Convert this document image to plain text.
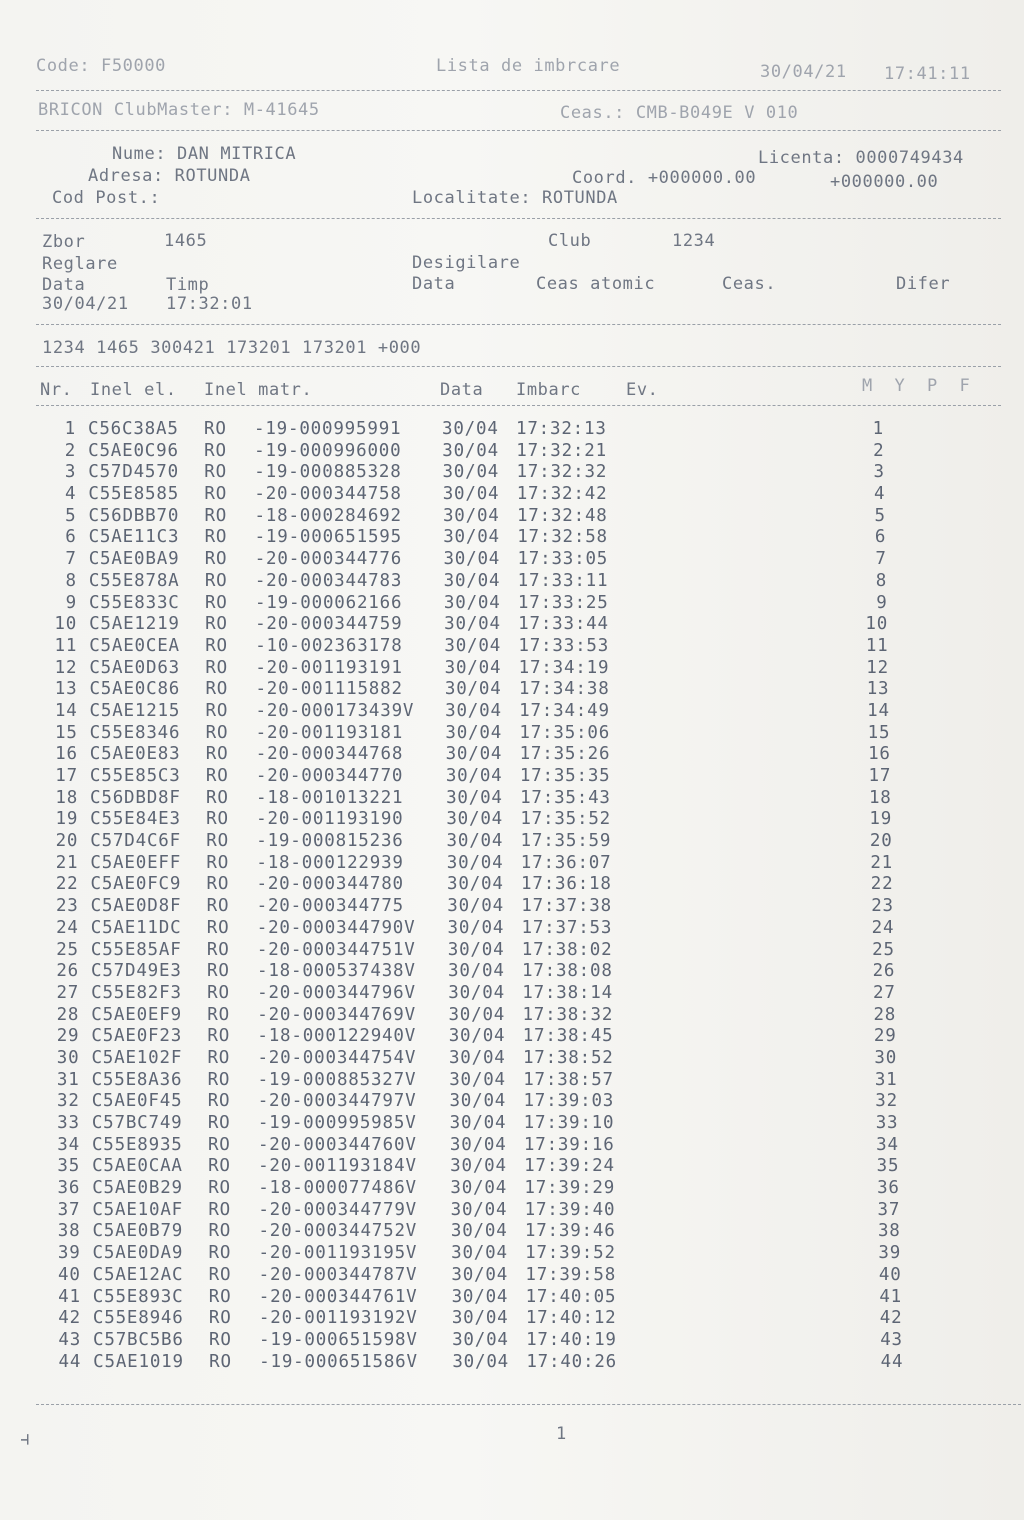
Code: F50000	Lista de imbrcare	30/04/21 17:41:11
BRICON ClubMaster: M-41645	Ceas.: CMB-B049E V 010
Nume: DAN MITRICA	Licenta: 0000749434
Adresa: ROTUNDA	Coord. +000000.00	+000000.00
Cod Post.:	Localitate: ROTUNDA
Zbor	1465	Club	1234
Reglare	Desigilare
Data	Timp	Data	Ceas atomic	Ceas.	Difer
30/04/21 17:32:01
1234 1465 300421 173201 173201 +000
Nr. Inel el. Inel matr.	Data Imbarc	Ev.	M  Y  P  F
1 C56C38A5 RO -19-000995991 30/04 17:32:13	1
2 C5AE0C96 RO -19-000996000 30/04 17:32:21	2
3 C57D4570 RO -19-000885328 30/04 17:32:32	3
4 C55E8585 RO -20-000344758 30/04 17:32:42	4
5 C56DBB70 RO -18-000284692 30/04 17:32:48	5
6 C5AE11C3 RO -19-000651595 30/04 17:32:58	6
7 C5AE0BA9 RO -20-000344776 30/04 17:33:05	7
8 C55E878A RO -20-000344783 30/04 17:33:11	8
9 C55E833C RO -19-000062166 30/04 17:33:25	9
10 C5AE1219 RO -20-000344759 30/04 17:33:44	10
11 C5AE0CEA RO -10-002363178 30/04 17:33:53	11
12 C5AE0D63 RO -20-001193191 30/04 17:34:19	12
13 C5AE0C86 RO -20-001115882 30/04 17:34:38	13
14 C5AE1215 RO -20-000173439V 30/04 17:34:49	14
15 C55E8346 RO -20-001193181 30/04 17:35:06	15
16 C5AE0E83 RO -20-000344768 30/04 17:35:26	16
17 C55E85C3 RO -20-000344770 30/04 17:35:35	17
18 C56DBD8F RO -18-001013221 30/04 17:35:43	18
19 C55E84E3 RO -20-001193190 30/04 17:35:52	19
20 C57D4C6F RO -19-000815236 30/04 17:35:59	20
21 C5AE0EFF RO -18-000122939 30/04 17:36:07	21
22 C5AE0FC9 RO -20-000344780 30/04 17:36:18	22
23 C5AE0D8F RO -20-000344775 30/04 17:37:38	23
24 C5AE11DC RO -20-000344790V 30/04 17:37:53	24
25 C55E85AF RO -20-000344751V 30/04 17:38:02	25
26 C57D49E3 RO -18-000537438V 30/04 17:38:08	26
27 C55E82F3 RO -20-000344796V 30/04 17:38:14	27
28 C5AE0EF9 RO -20-000344769V 30/04 17:38:32	28
29 C5AE0F23 RO -18-000122940V 30/04 17:38:45	29
30 C5AE102F RO -20-000344754V 30/04 17:38:52	30
31 C55E8A36 RO -19-000885327V 30/04 17:38:57	31
32 C5AE0F45 RO -20-000344797V 30/04 17:39:03	32
33 C57BC749 RO -19-000995985V 30/04 17:39:10	33
34 C55E8935 RO -20-000344760V 30/04 17:39:16	34
35 C5AE0CAA RO -20-001193184V 30/04 17:39:24	35
36 C5AE0B29 RO -18-000077486V 30/04 17:39:29	36
37 C5AE10AF RO -20-000344779V 30/04 17:39:40	37
38 C5AE0B79 RO -20-000344752V 30/04 17:39:46	38
39 C5AE0DA9 RO -20-001193195V 30/04 17:39:52	39
40 C5AE12AC RO -20-000344787V 30/04 17:39:58	40
41 C55E893C RO -20-000344761V 30/04 17:40:05	41
42 C55E8946 RO -20-001193192V 30/04 17:40:12	42
43 C57BC5B6 RO -19-000651598V 30/04 17:40:19	43
44 C5AE1019 RO -19-000651586V 30/04 17:40:26	44
⫞	1
